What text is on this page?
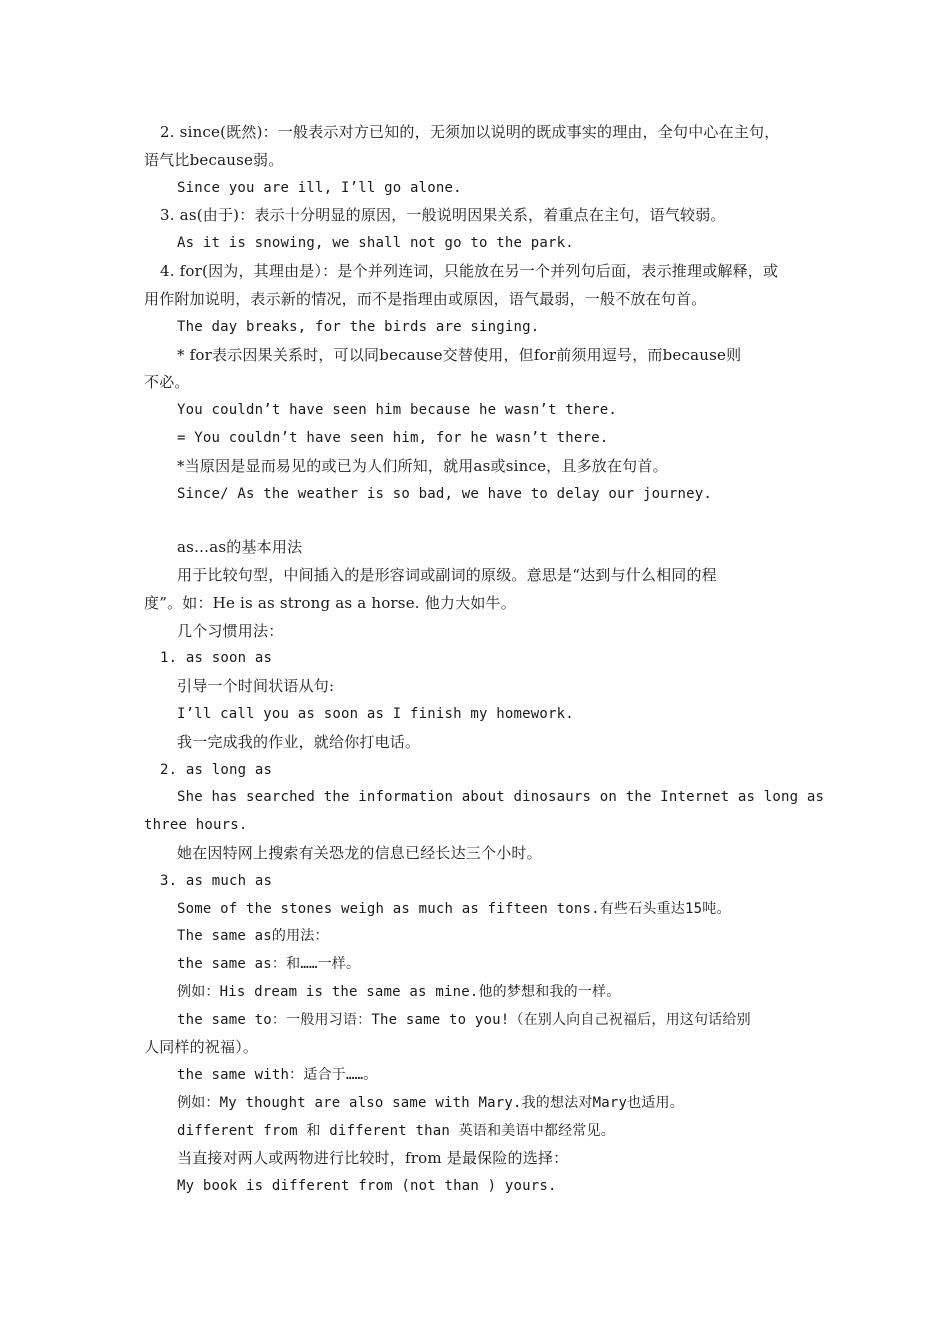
2. since(既然)：一般表示对方已知的，无须加以说明的既成事实的理由，全句中心在主句，
语气比because弱。
Since you are ill, I’ll go alone.
3. as(由于)：表示十分明显的原因，一般说明因果关系，着重点在主句，语气较弱。
As it is snowing, we shall not go to the park.
4. for(因为，其理由是）：是个并列连词，只能放在另一个并列句后面，表示推理或解释，或
用作附加说明，表示新的情况，而不是指理由或原因，语气最弱，一般不放在句首。
The day breaks, for the birds are singing.
* for表示因果关系时，可以同because交替使用，但for前须用逗号，而because则
不必。
You couldn’t have seen him because he wasn’t there.
= You couldn’t have seen him, for he wasn’t there.
*当原因是显而易见的或已为人们所知，就用as或since，且多放在句首。
Since/ As the weather is so bad, we have to delay our journey.
as…as的基本用法
用于比较句型，中间插入的是形容词或副词的原级。意思是“达到与什么相同的程
度”。如：He is as strong as a horse. 他力大如牛。
几个习惯用法：
1. as soon as
引导一个时间状语从句:
I’ll call you as soon as I finish my homework.
我一完成我的作业，就给你打电话。
2. as long as
She has searched the information about dinosaurs on the Internet as long as
three hours.
她在因特网上搜索有关恐龙的信息已经长达三个小时。
3. as much as
Some of the stones weigh as much as fifteen tons.有些石头重达15吨。
The same as的用法：
the same as：和……一样。
例如：His dream is the same as mine.他的梦想和我的一样。
the same to：一般用习语：The same to you!（在别人向自己祝福后，用这句话给别
人同样的祝福）。
the same with：适合于……。
例如：My thought are also same with Mary.我的想法对Mary也适用。
different from 和 different than 英语和美语中都经常见。
当直接对两人或两物进行比较时，from 是最保险的选择：
My book is different from (not than ) yours.
